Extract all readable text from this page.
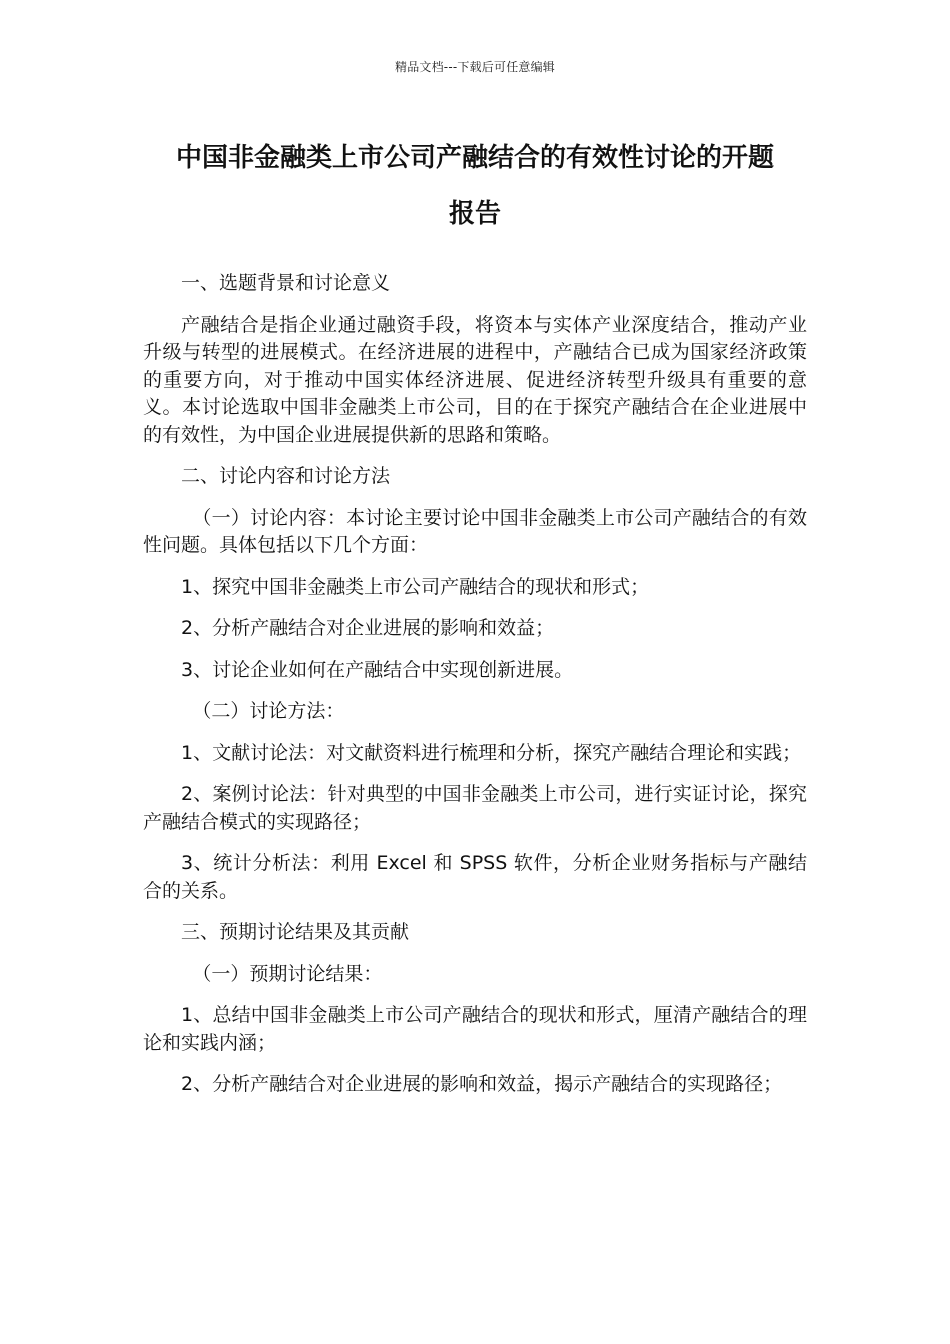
精品文档---下载后可任意编辑
中国非金融类上市公司产融结合的有效性讨论的开题
报告

一、选题背景和讨论意义

产融结合是指企业通过融资手段，将资本与实体产业深度结合，推动产业升级与转型的进展模式。在经济进展的进程中，产融结合已成为国家经济政策的重要方向，对于推动中国实体经济进展、促进经济转型升级具有重要的意义。本讨论选取中国非金融类上市公司，目的在于探究产融结合在企业进展中的有效性，为中国企业进展提供新的思路和策略。

二、讨论内容和讨论方法

（一）讨论内容：本讨论主要讨论中国非金融类上市公司产融结合的有效性问题。具体包括以下几个方面：

1、探究中国非金融类上市公司产融结合的现状和形式；

2、分析产融结合对企业进展的影响和效益；

3、讨论企业如何在产融结合中实现创新进展。

（二）讨论方法：

1、文献讨论法：对文献资料进行梳理和分析，探究产融结合理论和实践；

2、案例讨论法：针对典型的中国非金融类上市公司，进行实证讨论，探究产融结合模式的实现路径；

3、统计分析法：利用 Excel 和 SPSS 软件，分析企业财务指标与产融结合的关系。

三、预期讨论结果及其贡献

（一）预期讨论结果：

1、总结中国非金融类上市公司产融结合的现状和形式，厘清产融结合的理论和实践内涵；

2、分析产融结合对企业进展的影响和效益，揭示产融结合的实现路径；
